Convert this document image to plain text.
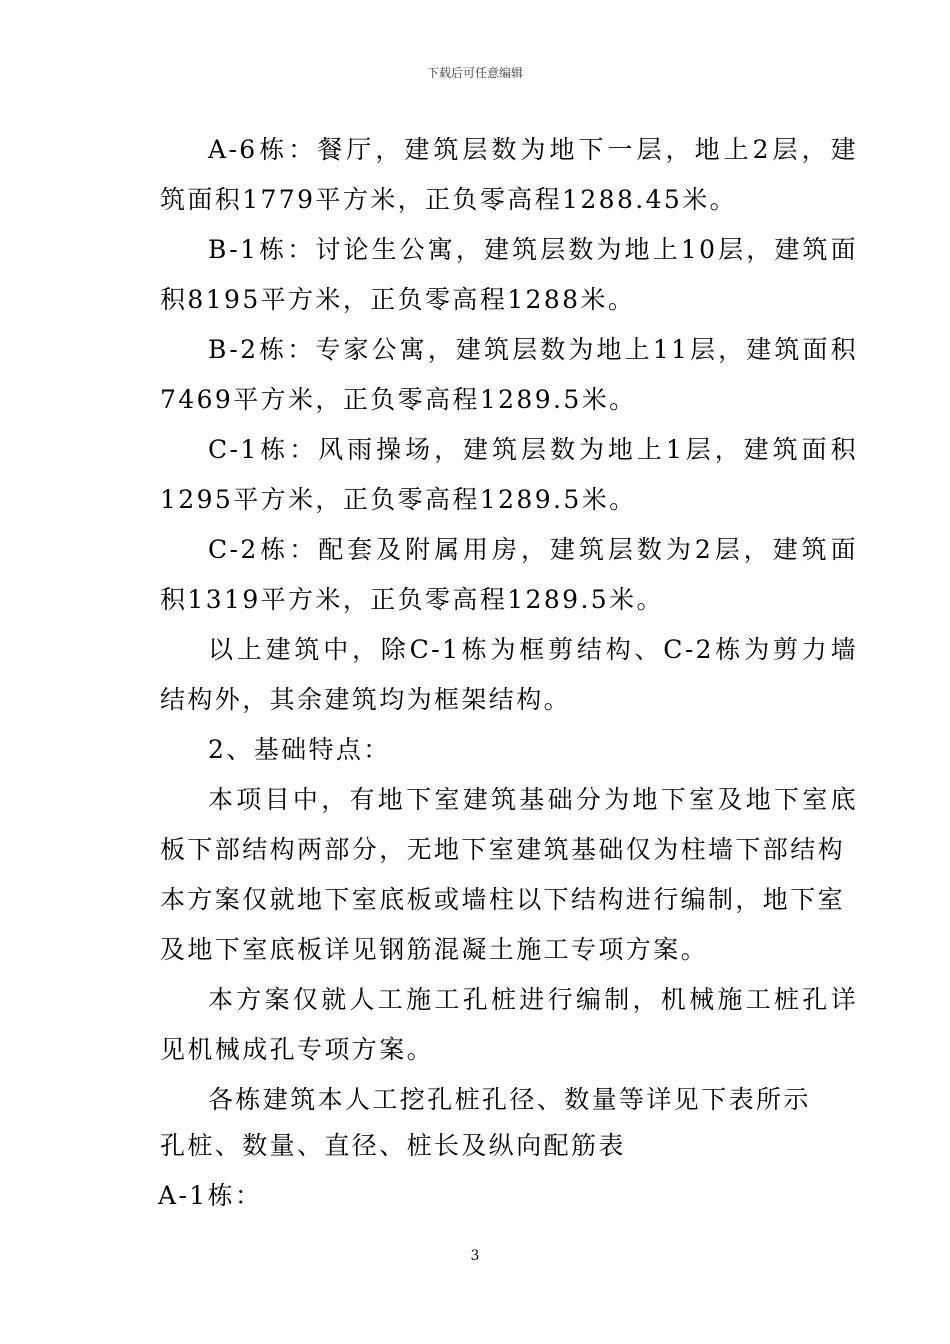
下载后可任意编辑
A-6栋：餐厅，建筑层数为地下一层，地上2层，建
筑面积1779平方米，正负零高程1288.45米。
B-1栋：讨论生公寓，建筑层数为地上10层，建筑面
积8195平方米，正负零高程1288米。
B-2栋：专家公寓，建筑层数为地上11层，建筑面积
7469平方米，正负零高程1289.5米。
C-1栋：风雨操场，建筑层数为地上1层，建筑面积
1295平方米，正负零高程1289.5米。
C-2栋：配套及附属用房，建筑层数为2层，建筑面
积1319平方米，正负零高程1289.5米。
以上建筑中，除C-1栋为框剪结构、C-2栋为剪力墙
结构外，其余建筑均为框架结构。
2、基础特点：
本项目中，有地下室建筑基础分为地下室及地下室底
板下部结构两部分，无地下室建筑基础仅为柱墙下部结构
本方案仅就地下室底板或墙柱以下结构进行编制，地下室
及地下室底板详见钢筋混凝土施工专项方案。
本方案仅就人工施工孔桩进行编制，机械施工桩孔详
见机械成孔专项方案。
各栋建筑本人工挖孔桩孔径、数量等详见下表所示
孔桩、数量、直径、桩长及纵向配筋表
A-1栋：
3
